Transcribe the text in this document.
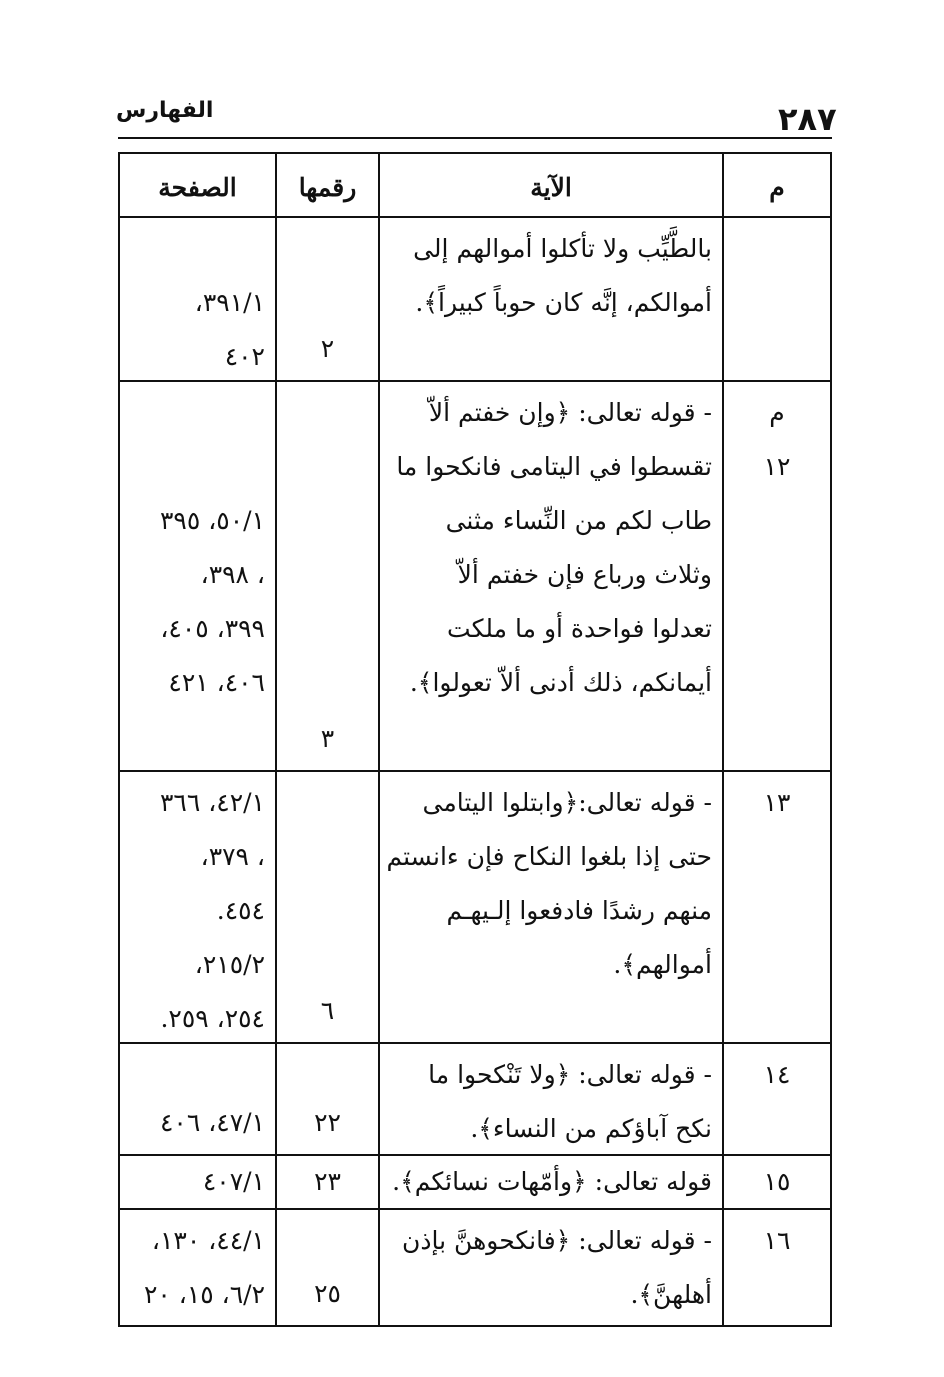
٢٨٧
الفهارس
م
الآية
رقمها
الصفحة
بالطَّيِّب ولا تأكلوا أموالهم إلى
أموالكم، إنَّه كان حوباً كبيراً﴾.
٢
٣٩١/١،
٤٠٢
م
١٢
- قوله تعالى: ﴿وإن خفتم ألاّ
تقسطوا في اليتامى فانكحوا ما
طاب لكم من النِّساء مثنى
وثلاث ورباع فإن خفتم ألاّ
تعدلوا فواحدة أو ما ملكت
أيمانكم، ذلك أدنى ألاّ تعولوا﴾.
٣
٥٠/١، ٣٩٥
، ٣٩٨،
٣٩٩، ٤٠٥،
٤٠٦، ٤٢١
١٣
- قوله تعالى:﴿وابتلوا اليتامى
حتى إذا بلغوا النكاح فإن ءانستم
منهم رشدًا فادفعوا إلـيهـم
أموالهم﴾.
٦
٤٢/١، ٣٦٦
، ٣٧٩،
٤٥٤.
٢١٥/٢،
٢٥٤، ٢٥٩.
١٤
- قوله تعالى: ﴿ولا تَنْكحوا ما
نكح آباؤكم من النساء﴾.
٢٢
٤٧/١، ٤٠٦
١٥
قوله تعالى: ﴿وأمّهات نسائكم﴾.
٢٣
٤٠٧/١
١٦
- قوله تعالى: ﴿فانكحوهنَّ بإذن
أهلهنَّ﴾.
٢٥
٤٤/١، ١٣٠،
٦/٢، ١٥، ٢٠
